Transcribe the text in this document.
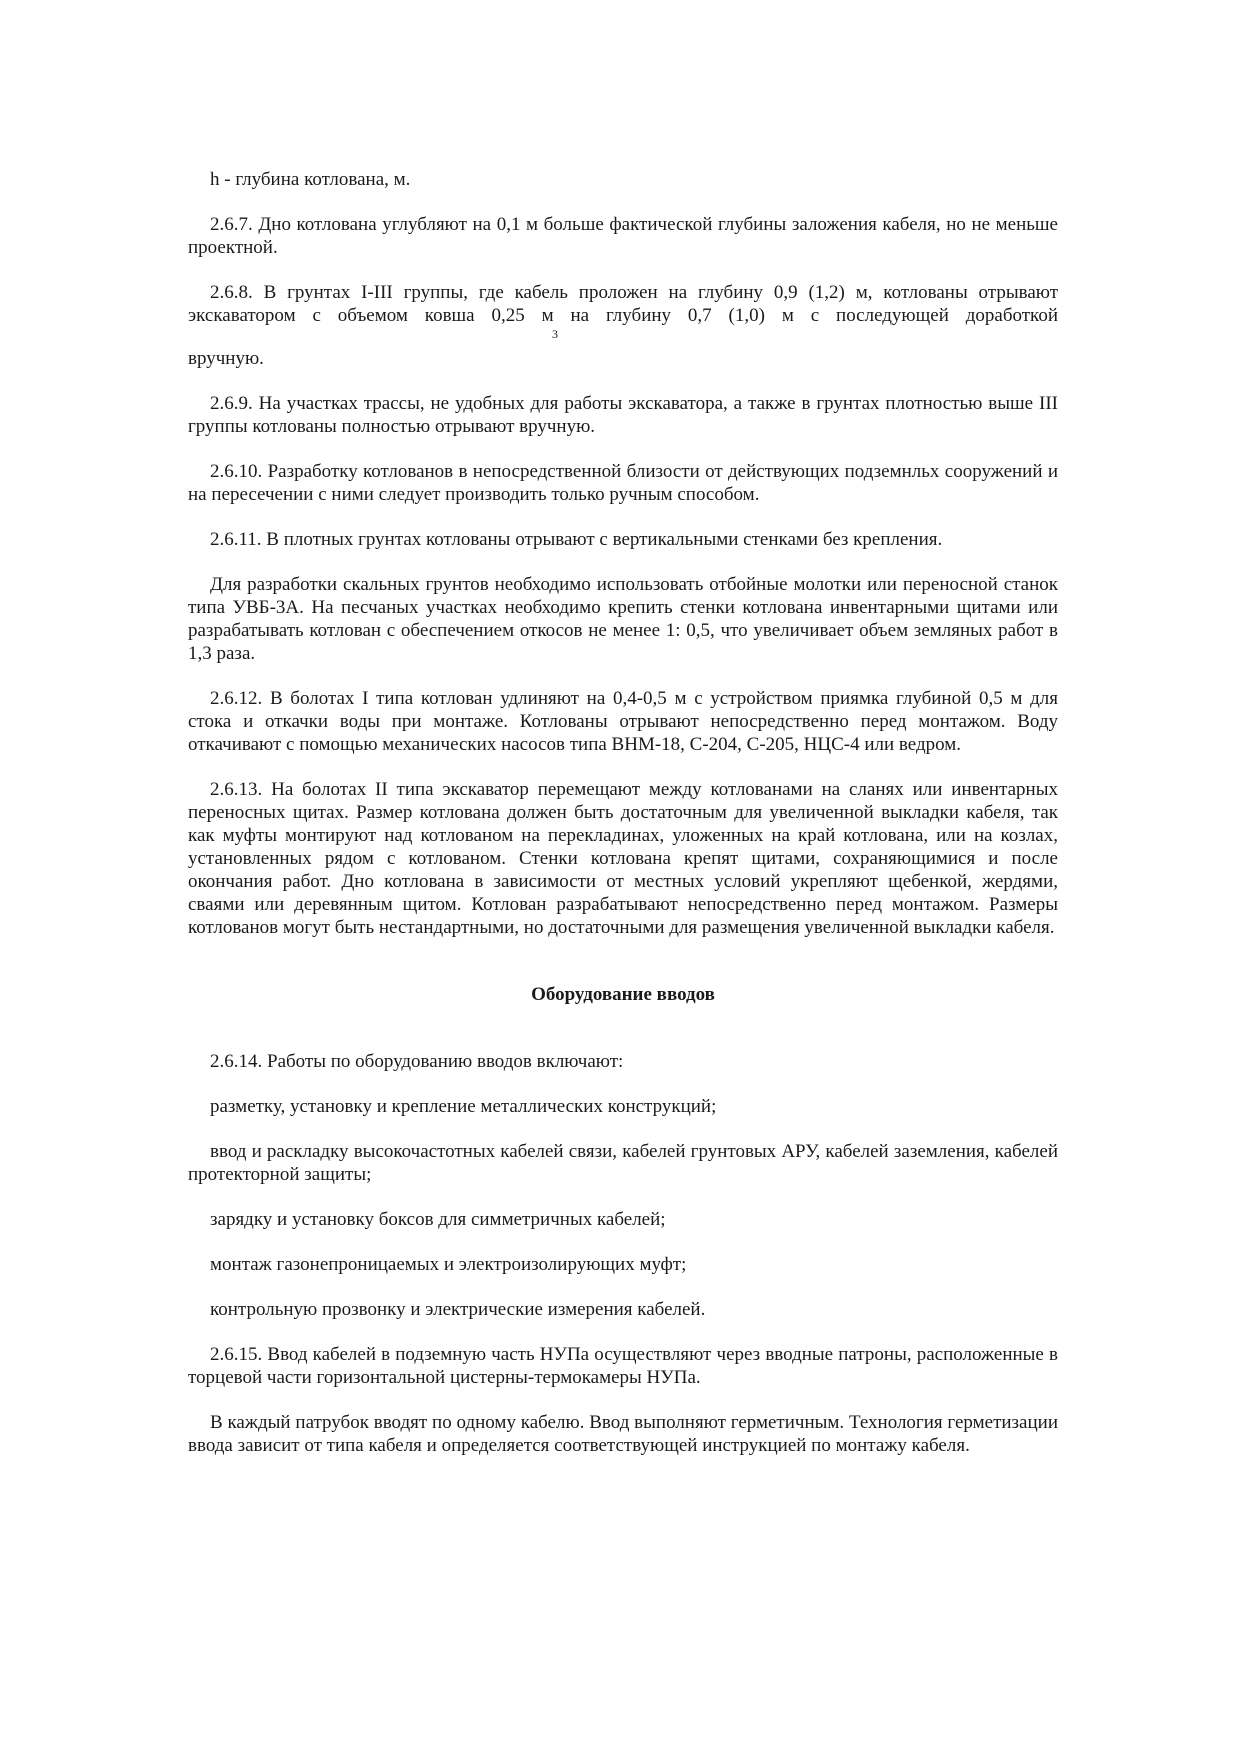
h - глубина котлована, м.

2.6.7. Дно котлована углубляют на 0,1 м больше фактической глубины заложения кабеля, но не меньше проектной.

2.6.8. В грунтах I-III группы, где кабель проложен на глубину 0,9 (1,2) м, котлованы отрывают
экскаватором с объемом ковша 0,25 м на глубину 0,7 (1,0) м с последующей доработкой
3
вручную.

2.6.9. На участках трассы, не удобных для работы экскаватора, а также в грунтах плотностью выше III группы котлованы полностью отрывают вручную.

2.6.10. Разработку котлованов в непосредственной близости от действующих подземнльх сооружений и на пересечении с ними следует производить только ручным способом.

2.6.11. В плотных грунтах котлованы отрывают с вертикальными стенками без крепления.

Для разработки скальных грунтов необходимо использовать отбойные молотки или переносной станок типа УВБ-3А. На песчаных участках необходимо крепить стенки котлована инвентарными щитами или разрабатывать котлован с обеспечением откосов не менее 1: 0,5, что увеличивает объем земляных работ в 1,3 раза.

2.6.12. В болотах I типа котлован удлиняют на 0,4-0,5 м с устройством приямка глубиной 0,5 м для стока и откачки воды при монтаже. Котлованы отрывают непосредственно перед монтажом. Воду откачивают с помощью механических насосов типа ВНМ-18, С-204, С-205, НЦС-4 или ведром.

2.6.13. На болотах II типа экскаватор перемещают между котлованами на сланях или инвентарных переносных щитах. Размер котлована должен быть достаточным для увеличенной выкладки кабеля, так как муфты монтируют над котлованом на перекладинах, уложенных на край котлована, или на козлах, установленных рядом с котлованом. Стенки котлована крепят щитами, сохраняющимися и после окончания работ. Дно котлована в зависимости от местных условий укрепляют щебенкой, жердями, сваями или деревянным щитом. Котлован разрабатывают непосредственно перед монтажом. Размеры котлованов могут быть нестандартными, но достаточными для размещения увеличенной выкладки кабеля.

Оборудование вводов

2.6.14. Работы по оборудованию вводов включают:

разметку, установку и крепление металлических конструкций;

ввод и раскладку высокочастотных кабелей связи, кабелей грунтовых АРУ, кабелей заземления, кабелей протекторной защиты;

зарядку и установку боксов для симметричных кабелей;

монтаж газонепроницаемых и электроизолирующих муфт;

контрольную прозвонку и электрические измерения кабелей.

2.6.15. Ввод кабелей в подземную часть НУПа осуществляют через вводные патроны, расположенные в торцевой части горизонтальной цистерны-термокамеры НУПа.

В каждый патрубок вводят по одному кабелю. Ввод выполняют герметичным. Технология герметизации ввода зависит от типа кабеля и определяется соответствующей инструкцией по монтажу кабеля.
